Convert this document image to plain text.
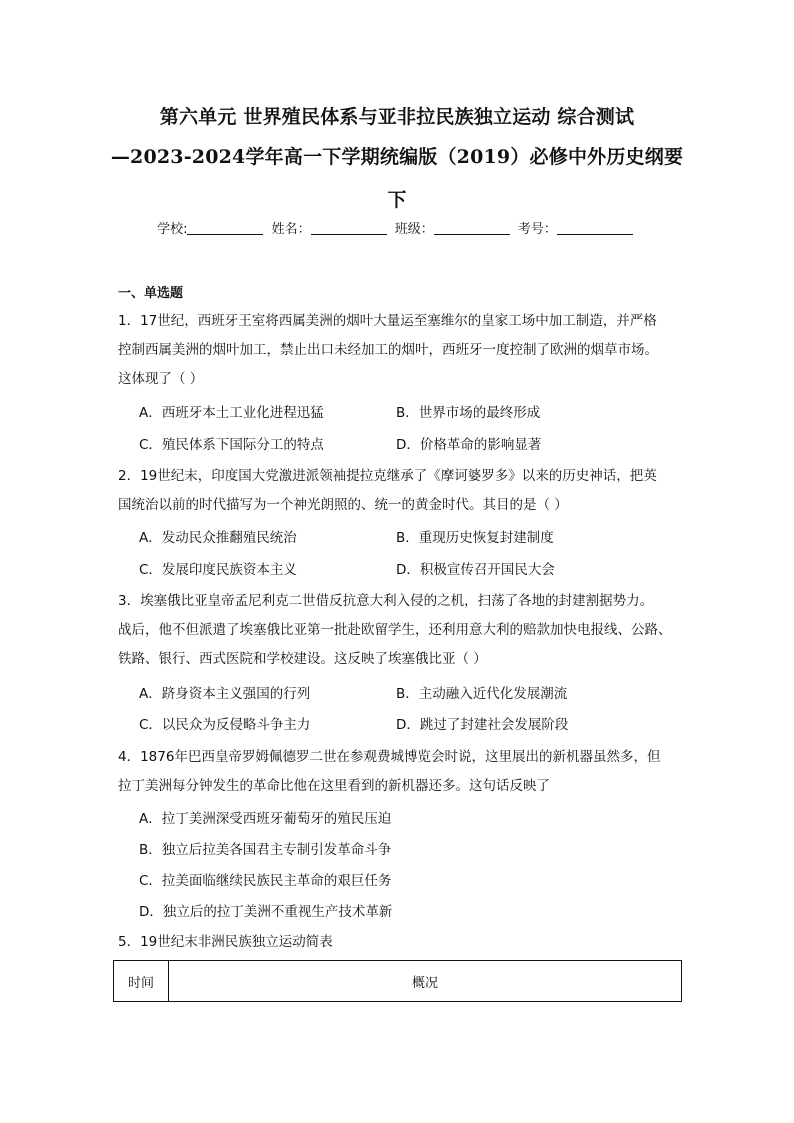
第六单元 世界殖民体系与亚非拉民族独立运动 综合测试
—2023-2024学年高一下学期统编版（2019）必修中外历史纲要
下
学校:	姓名：	班级：	考号：
一、单选题

1．17世纪，西班牙王室将西属美洲的烟叶大量运至塞维尔的皇家工场中加工制造，并严格

控制西属美洲的烟叶加工，禁止出口未经加工的烟叶，西班牙一度控制了欧洲的烟草市场。

这体现了（ ）

A．西班牙本土工业化进程迅猛	B．世界市场的最终形成
C．殖民体系下国际分工的特点	D．价格革命的影响显著

2．19世纪末，印度国大党激进派领袖提拉克继承了《摩诃婆罗多》以来的历史神话，把英

国统治以前的时代描写为一个神光朗照的、统一的黄金时代。其目的是（ ）

A．发动民众推翻殖民统治	B．重现历史恢复封建制度
C．发展印度民族资本主义	D．积极宣传召开国民大会

3．埃塞俄比亚皇帝孟尼利克二世借反抗意大利入侵的之机，扫荡了各地的封建割据势力。

战后，他不但派遣了埃塞俄比亚第一批赴欧留学生，还利用意大利的赔款加快电报线、公路、

铁路、银行、西式医院和学校建设。这反映了埃塞俄比亚（ ）

A．跻身资本主义强国的行列	B．主动融入近代化发展潮流
C．以民众为反侵略斗争主力	D．跳过了封建社会发展阶段

4．1876年巴西皇帝罗姆佩德罗二世在参观费城博览会时说，这里展出的新机器虽然多，但

拉丁美洲每分钟发生的革命比他在这里看到的新机器还多。这句话反映了

A．拉丁美洲深受西班牙葡萄牙的殖民压迫
B．独立后拉美各国君主专制引发革命斗争
C．拉美面临继续民族民主革命的艰巨任务
D．独立后的拉丁美洲不重视生产技术革新

5．19世纪末非洲民族独立运动简表

时间	概况
